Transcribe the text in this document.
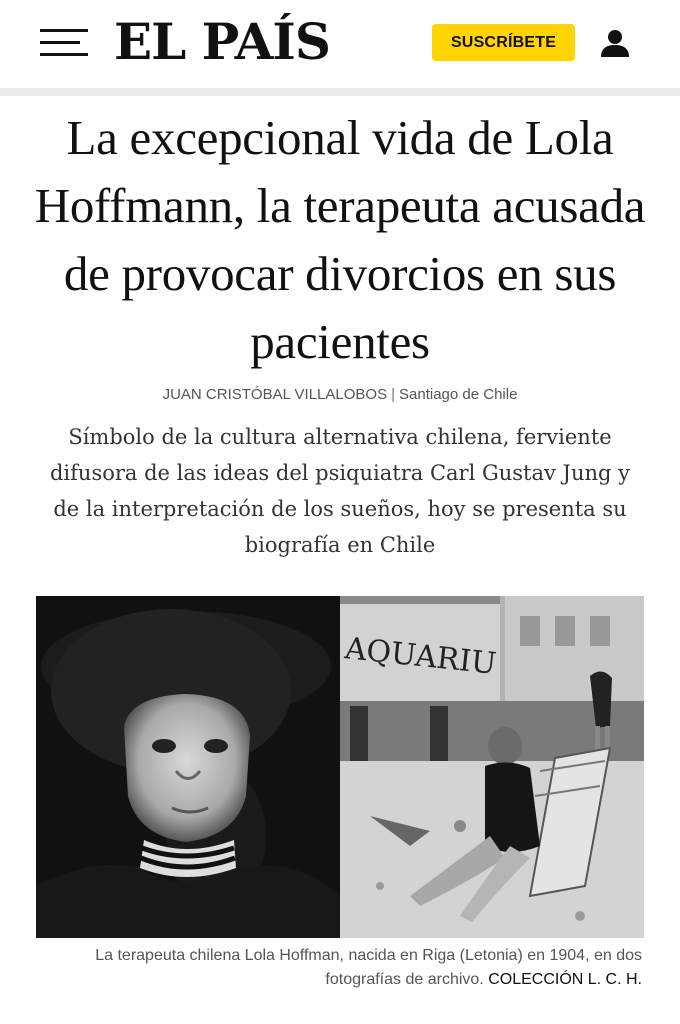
EL PAÍS	SUSCRÍBETE
La excepcional vida de Lola Hoffmann, la terapeuta acusada de provocar divorcios en sus pacientes
JUAN CRISTÓBAL VILLALOBOS | Santiago de Chile

Símbolo de la cultura alternativa chilena, ferviente difusora de las ideas del psiquiatra Carl Gustav Jung y de la interpretación de los sueños, hoy se presenta su biografía en Chile

AQUARIU
La terapeuta chilena Lola Hoffman, nacida en Riga (Letonia) en 1904, en dos fotografías de archivo. COLECCIÓN L. C. H.
